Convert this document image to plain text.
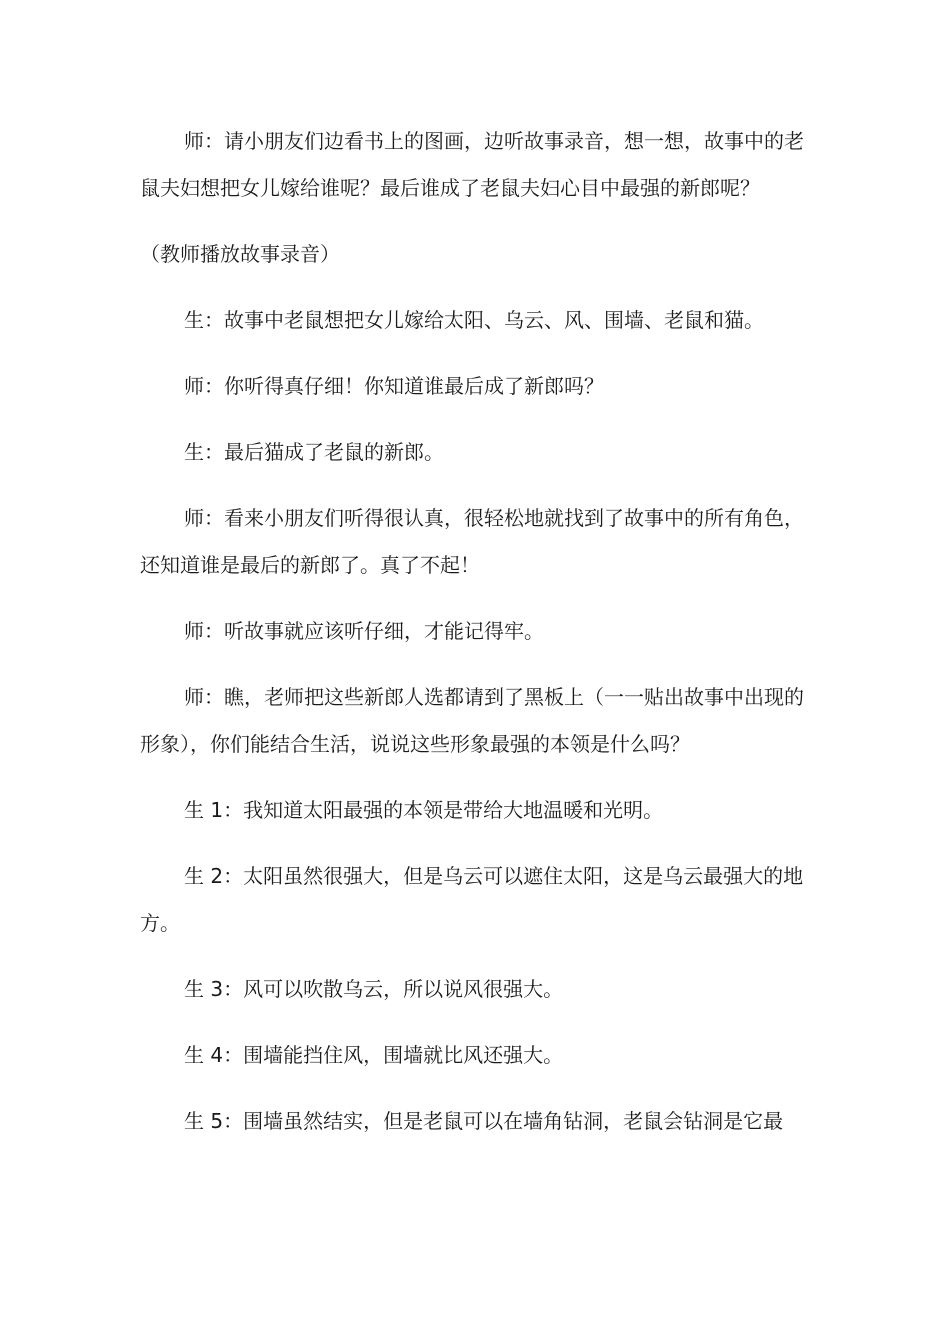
师：请小朋友们边看书上的图画，边听故事录音，想一想，故事中的老鼠夫妇想把女儿嫁给谁呢？最后谁成了老鼠夫妇心目中最强的新郎呢？

（教师播放故事录音）

生：故事中老鼠想把女儿嫁给太阳、乌云、风、围墙、老鼠和猫。

师：你听得真仔细！你知道谁最后成了新郎吗？

生：最后猫成了老鼠的新郎。

师：看来小朋友们听得很认真，很轻松地就找到了故事中的所有角色，还知道谁是最后的新郎了。真了不起！

师：听故事就应该听仔细，才能记得牢。

师：瞧，老师把这些新郎人选都请到了黑板上（一一贴出故事中出现的形象），你们能结合生活，说说这些形象最强的本领是什么吗？

生 1：我知道太阳最强的本领是带给大地温暖和光明。

生 2：太阳虽然很强大，但是乌云可以遮住太阳，这是乌云最强大的地方。

生 3：风可以吹散乌云，所以说风很强大。

生 4：围墙能挡住风，围墙就比风还强大。

生 5：围墙虽然结实，但是老鼠可以在墙角钻洞，老鼠会钻洞是它最
